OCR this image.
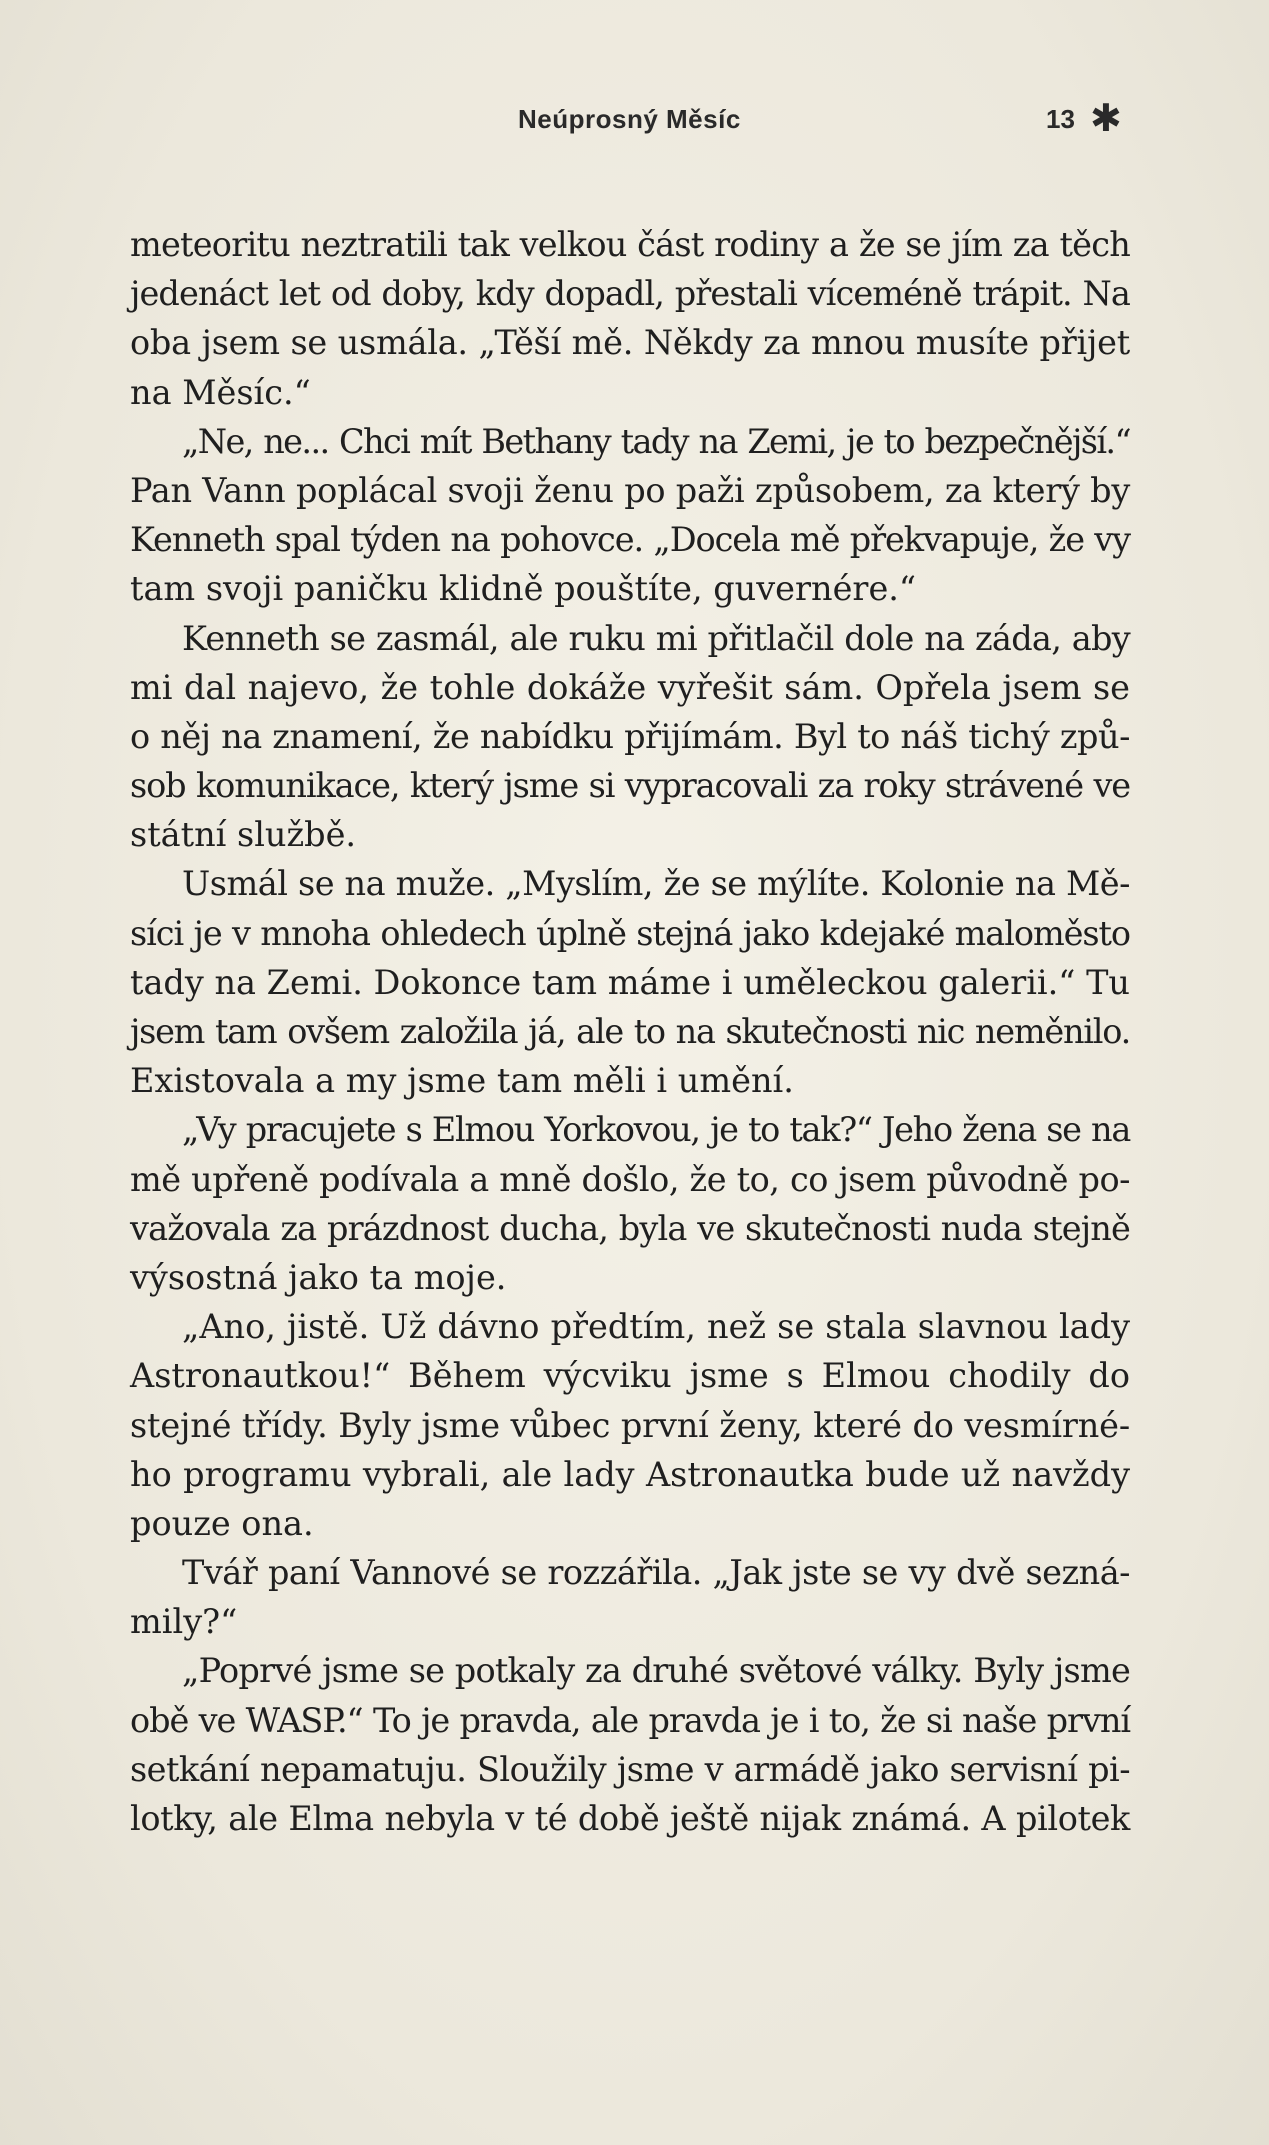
Neúprosný Měsíc	13 ✱
meteoritu neztratili tak velkou část rodiny a že se jím za těch
jedenáct let od doby, kdy dopadl, přestali víceméně trápit. Na
oba jsem se usmála. „Těší mě. Někdy za mnou musíte přijet
na Měsíc.“
„Ne, ne... Chci mít Bethany tady na Zemi, je to bezpečnější.“
Pan Vann poplácal svoji ženu po paži způsobem, za který by
Kenneth spal týden na pohovce. „Docela mě překvapuje, že vy
tam svoji paničku klidně pouštíte, guvernére.“
Kenneth se zasmál, ale ruku mi přitlačil dole na záda, aby
mi dal najevo, že tohle dokáže vyřešit sám. Opřela jsem se
o něj na znamení, že nabídku přijímám. Byl to náš tichý způ-
sob komunikace, který jsme si vypracovali za roky strávené ve
státní službě.
Usmál se na muže. „Myslím, že se mýlíte. Kolonie na Mě-
síci je v mnoha ohledech úplně stejná jako kdejaké maloměsto
tady na Zemi. Dokonce tam máme i uměleckou galerii.“ Tu
jsem tam ovšem založila já, ale to na skutečnosti nic neměnilo.
Existovala a my jsme tam měli i umění.
„Vy pracujete s Elmou Yorkovou, je to tak?“ Jeho žena se na
mě upřeně podívala a mně došlo, že to, co jsem původně po-
važovala za prázdnost ducha, byla ve skutečnosti nuda stejně
výsostná jako ta moje.
„Ano, jistě. Už dávno předtím, než se stala slavnou lady
Astronautkou!“ Během výcviku jsme s Elmou chodily do
stejné třídy. Byly jsme vůbec první ženy, které do vesmírné-
ho programu vybrali, ale lady Astronautka bude už navždy
pouze ona.
Tvář paní Vannové se rozzářila. „Jak jste se vy dvě sezná-
mily?“
„Poprvé jsme se potkaly za druhé světové války. Byly jsme
obě ve WASP.“ To je pravda, ale pravda je i to, že si naše první
setkání nepamatuju. Sloužily jsme v armádě jako servisní pi-
lotky, ale Elma nebyla v té době ještě nijak známá. A pilotek
